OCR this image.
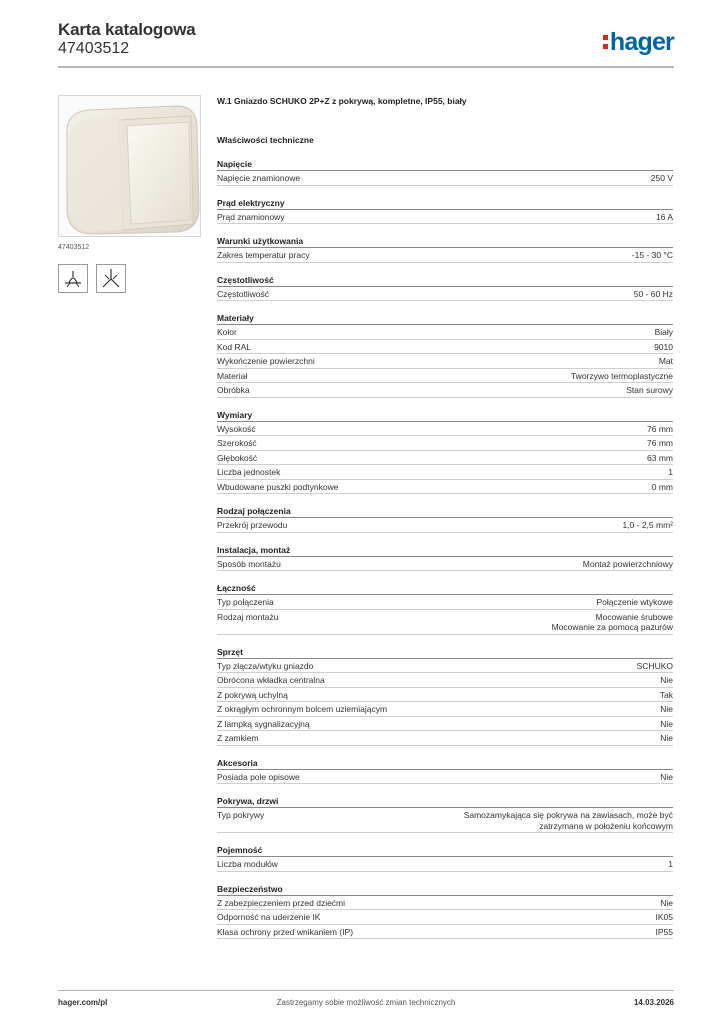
Karta katalogowa
47403512	hager
47403512
W.1 Gniazdo SCHUKO 2P+Z z pokrywą, kompletne, IP55, biały
Właściwości techniczne
Napięcie
Napięcie znamionowe	250 V
Prąd elektryczny
Prąd znamionowy	16 A
Warunki użytkowania
Zakres temperatur pracy	-15 - 30 °C
Częstotliwość
Częstotliwość	50 - 60 Hz
Materiały
Kolor	Biały
Kod RAL	9010
Wykończenie powierzchni	Mat
Materiał	Tworzywo termoplastyczne
Obróbka	Stan surowy
Wymiary
Wysokość	76 mm
Szerokość	76 mm
Głębokość	63 mm
Liczba jednostek	1
Wbudowane puszki podtynkowe	0 mm
Rodzaj połączenia
Przekrój przewodu	1,0 - 2,5 mm²
Instalacja, montaż
Sposób montażu	Montaż powierzchniowy
Łączność
Typ połączenia	Połączenie wtykowe
Rodzaj montażu	Mocowanie śrubowe
Mocowanie za pomocą pazurów
Sprzęt
Typ złącza/wtyku gniazdo	SCHUKO
Obrócona wkładka centralna	Nie
Z pokrywą uchylną	Tak
Z okrągłym ochronnym bolcem uziemiającym	Nie
Z lampką sygnalizacyjną	Nie
Z zamkiem	Nie
Akcesoria
Posiada pole opisowe	Nie
Pokrywa, drzwi
Typ pokrywy	Samozamykająca się pokrywa na zawiasach, może być zatrzymana w położeniu końcowym
Pojemność
Liczba modułów	1
Bezpieczeństwo
Z zabezpieczeniem przed dziećmi	Nie
Odporność na uderzenie IK	IK05
Klasa ochrony przed wnikaniem (IP)	IP55
Zastrzegamy sobie możliwość zmian technicznych
hager.com/pl	14.03.2026
